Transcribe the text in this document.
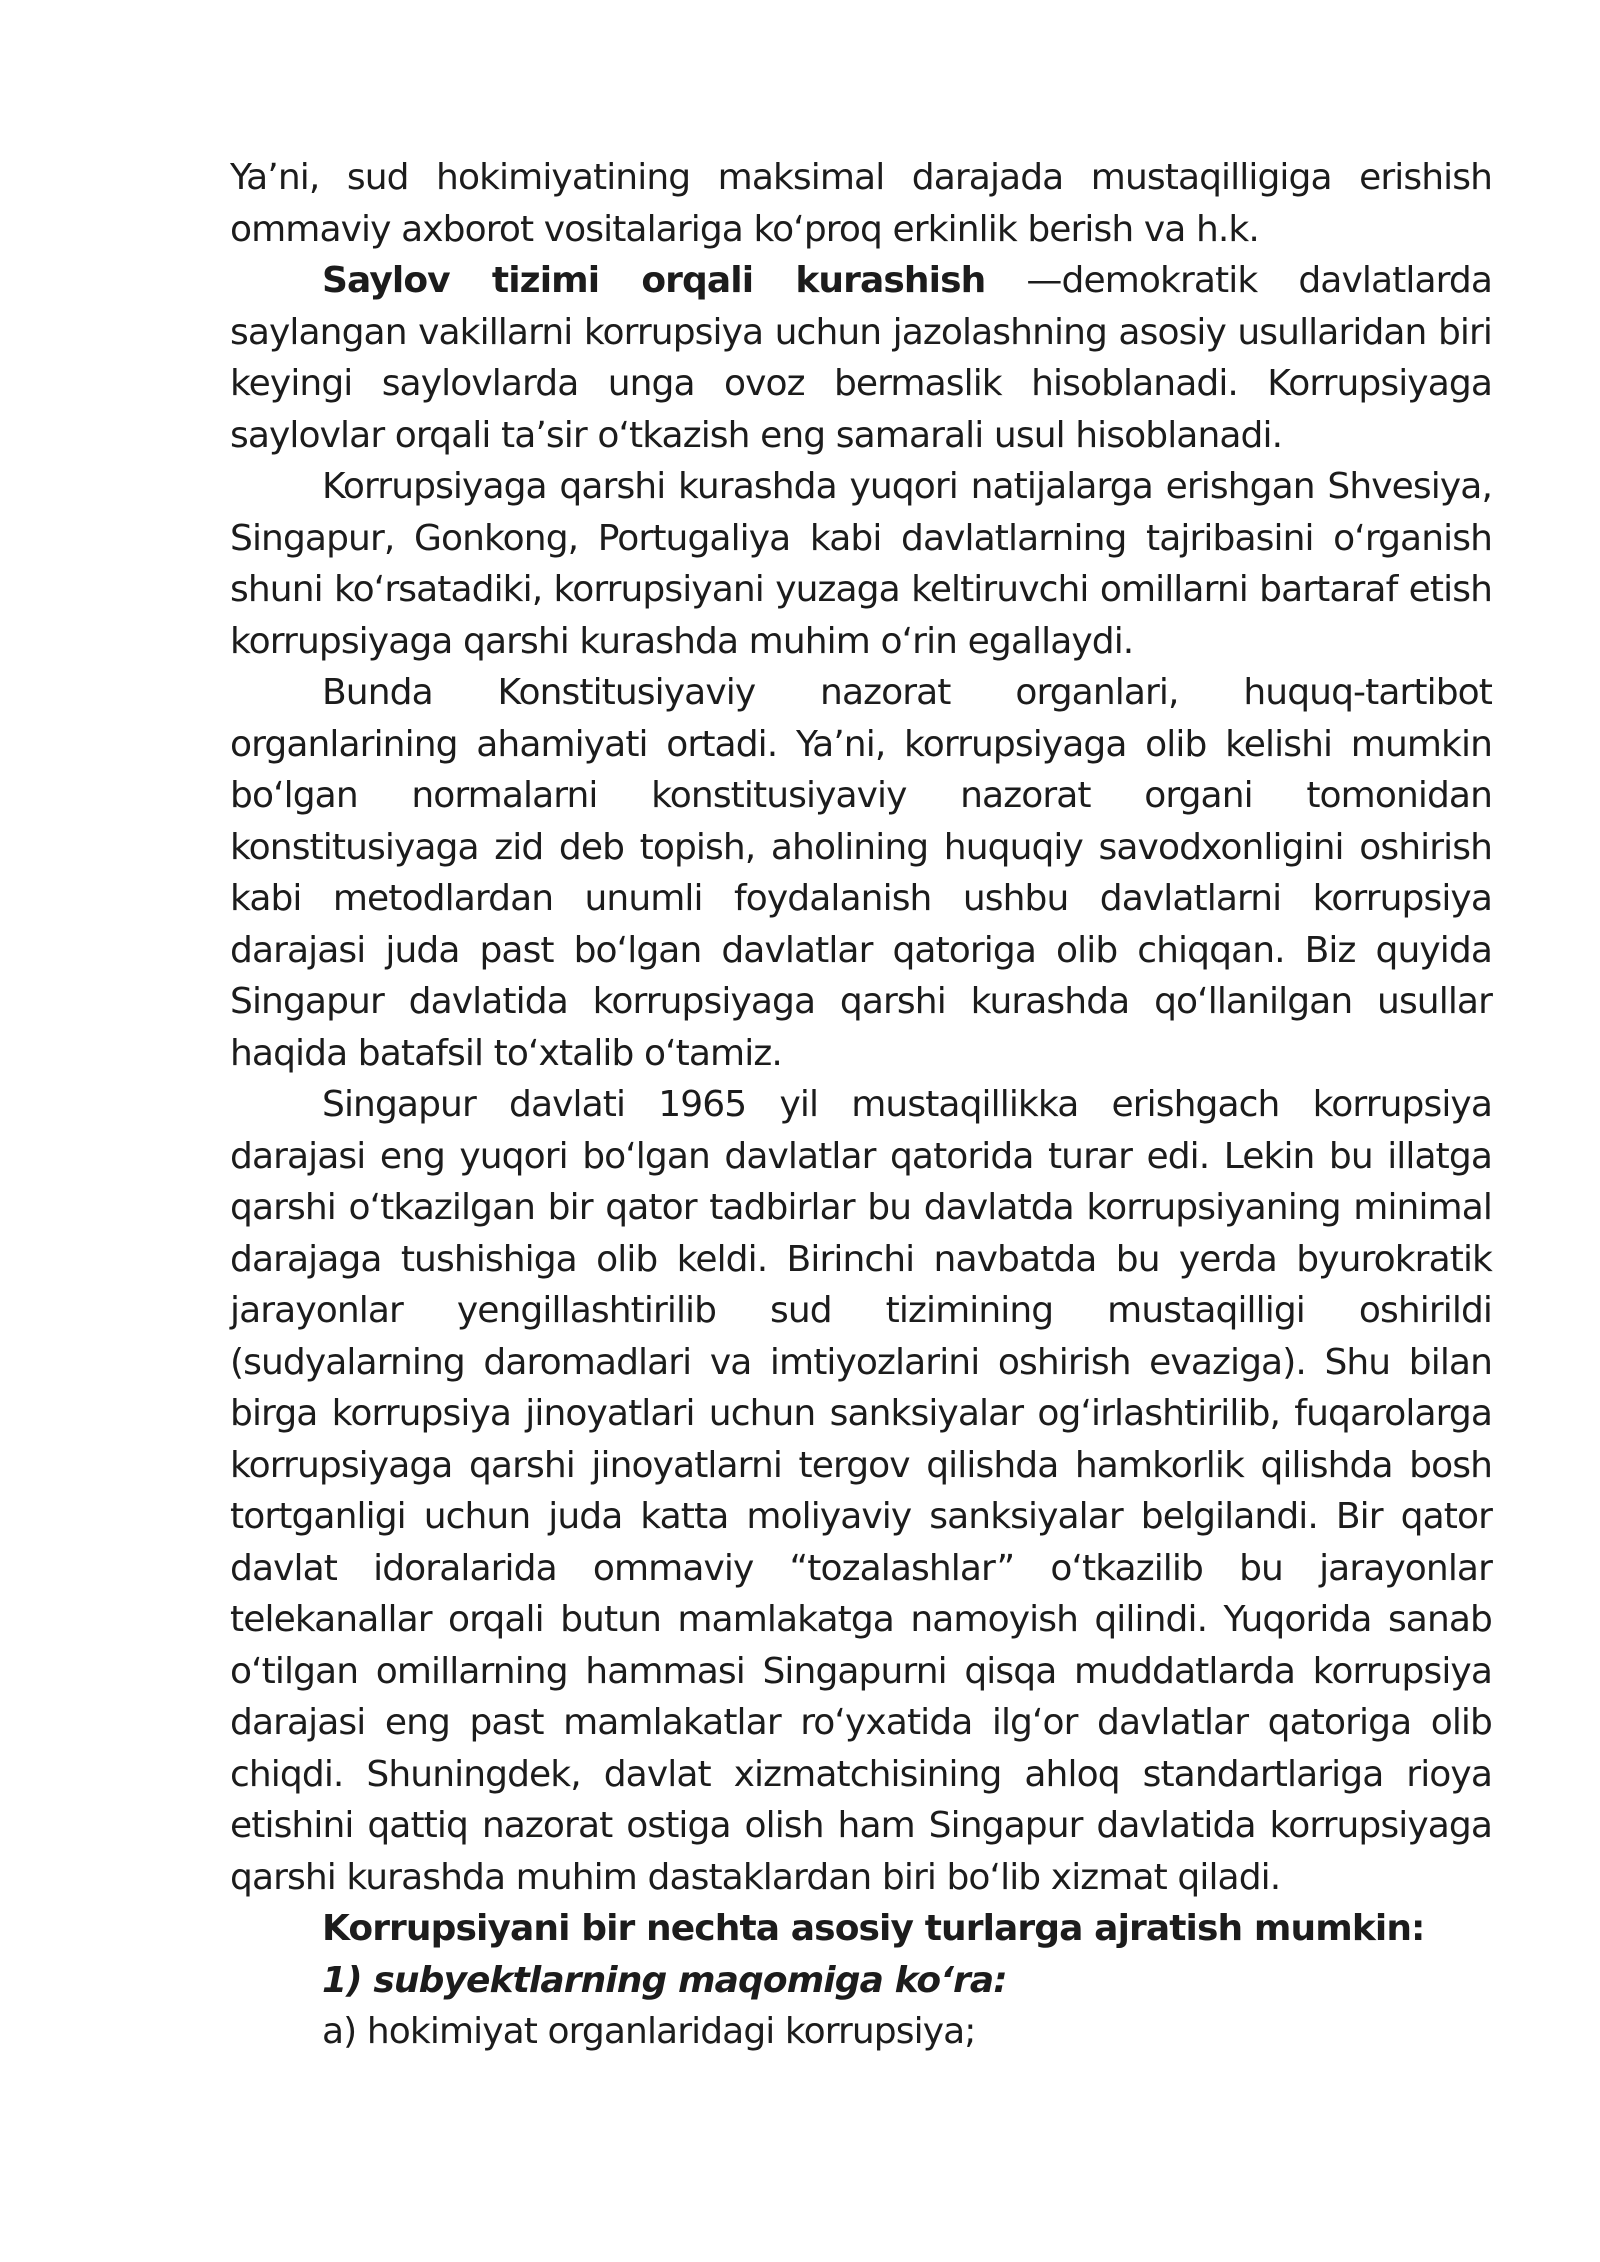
Ya’ni, sud hokimiyatining maksimal darajada mustaqilligiga erishish ommaviy axborot vositalariga ko‘proq erkinlik berish va h.k.

Saylov tizimi orqali kurashish —demokratik davlatlarda saylangan vakillarni korrupsiya uchun jazolashning asosiy usullaridan biri keyingi saylovlarda unga ovoz bermaslik hisoblanadi. Korrupsiyaga saylovlar orqali ta’sir o‘tkazish eng samarali usul hisoblanadi.

Korrupsiyaga qarshi kurashda yuqori natijalarga erishgan Shvesiya, Singapur, Gonkong, Portugaliya kabi davlatlarning tajribasini o‘rganish shuni ko‘rsatadiki, korrupsiyani yuzaga keltiruvchi omillarni bartaraf etish korrupsiyaga qarshi kurashda muhim o‘rin egallaydi.

Bunda Konstitusiyaviy nazorat organlari, huquq-tartibot organlarining ahamiyati ortadi. Ya’ni, korrupsiyaga olib kelishi mumkin bo‘lgan normalarni konstitusiyaviy nazorat organi tomonidan konstitusiyaga zid deb topish, aholining huquqiy savodxonligini oshirish kabi metodlardan unumli foydalanish ushbu davlatlarni korrupsiya darajasi juda past bo‘lgan davlatlar qatoriga olib chiqqan. Biz quyida Singapur davlatida korrupsiyaga qarshi kurashda qo‘llanilgan usullar haqida batafsil to‘xtalib o‘tamiz.

Singapur davlati 1965 yil mustaqillikka erishgach korrupsiya darajasi eng yuqori bo‘lgan davlatlar qatorida turar edi. Lekin bu illatga qarshi o‘tkazilgan bir qator tadbirlar bu davlatda korrupsiyaning minimal darajaga tushishiga olib keldi. Birinchi navbatda bu yerda byurokratik jarayonlar yengillashtirilib sud tizimining mustaqilligi oshirildi (sudyalarning daromadlari va imtiyozlarini oshirish evaziga). Shu bilan birga korrupsiya jinoyatlari uchun sanksiyalar og‘irlashtirilib, fuqarolarga korrupsiyaga qarshi jinoyatlarni tergov qilishda hamkorlik qilishda bosh tortganligi uchun juda katta moliyaviy sanksiyalar belgilandi. Bir qator davlat idoralarida ommaviy “tozalashlar” o‘tkazilib bu jarayonlar telekanallar orqali butun mamlakatga namoyish qilindi. Yuqorida sanab o‘tilgan omillarning hammasi Singapurni qisqa muddatlarda korrupsiya darajasi eng past mamlakatlar ro‘yxatida ilg‘or davlatlar qatoriga olib chiqdi. Shuningdek, davlat xizmatchisining ahloq standartlariga rioya etishini qattiq nazorat ostiga olish ham Singapur davlatida korrupsiyaga qarshi kurashda muhim dastaklardan biri bo‘lib xizmat qiladi.

Korrupsiyani bir nechta asosiy turlarga ajratish mumkin:

1) subyektlarning maqomiga ko‘ra:

a) hokimiyat organlaridagi korrupsiya;
